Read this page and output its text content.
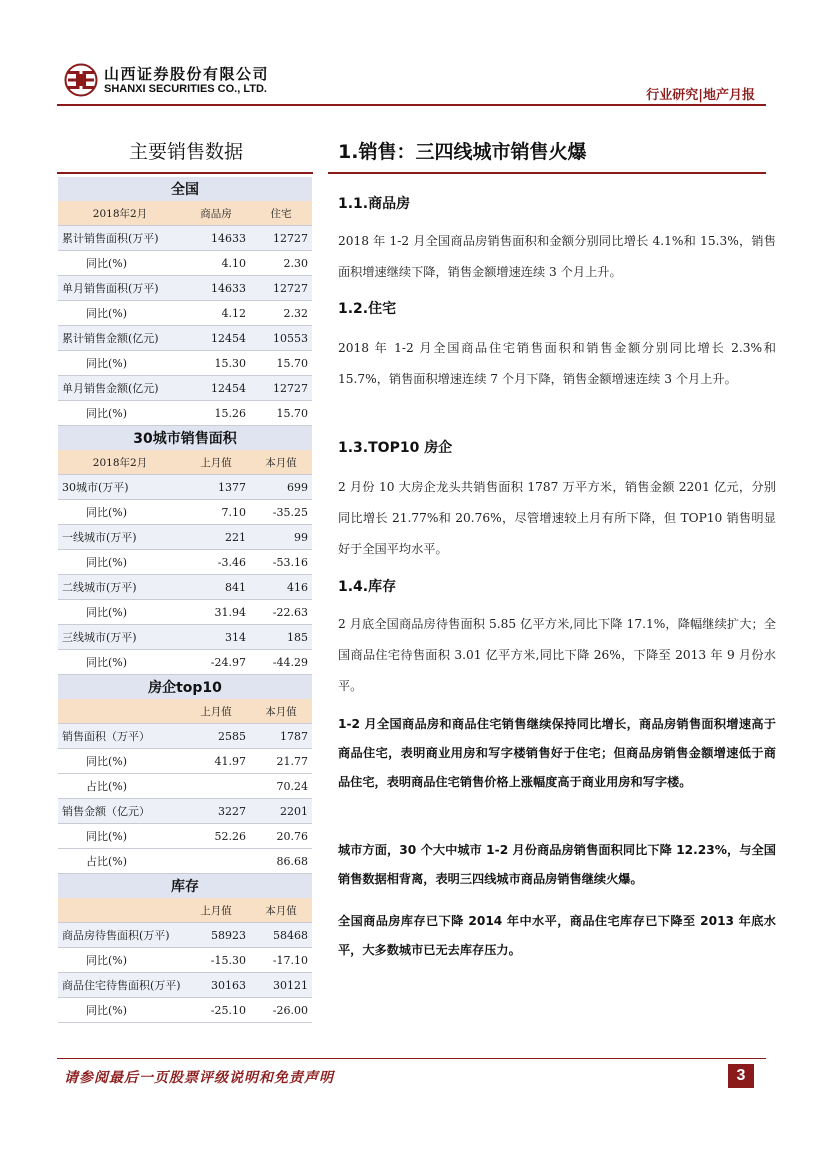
山西证券股份有限公司
SHANXI SECURITIES CO., LTD.	行业研究|地产月报
主要销售数据
全国		
2018年2月	商品房	住宅
累计销售面积(万平)	14633	12727
同比(%)	4.10	2.30
单月销售面积(万平)	14633	12727
同比(%)	4.12	2.32
累计销售金额(亿元)	12454	10553
同比(%)	15.30	15.70
单月销售金额(亿元)	12454	12727
同比(%)	15.26	15.70
30城市销售面积		
2018年2月	上月值	本月值
30城市(万平)	1377	699
同比(%)	7.10	-35.25
一线城市(万平)	221	99
同比(%)	-3.46	-53.16
二线城市(万平)	841	416
同比(%)	31.94	-22.63
三线城市(万平)	314	185
同比(%)	-24.97	-44.29
房企top10		
	上月值	本月值
销售面积（万平）	2585	1787
同比(%)	41.97	21.77
占比(%)		70.24
销售金额（亿元）	3227	2201
同比(%)	52.26	20.76
占比(%)		86.68
库存		
	上月值	本月值
商品房待售面积(万平)	58923	58468
同比(%)	-15.30	-17.10
商品住宅待售面积(万平)	30163	30121
同比(%)	-25.10	-26.00
1.销售：三四线城市销售火爆
1.1.商品房
2018 年 1-2 月全国商品房销售面积和金额分别同比增长 4.1%和 15.3%，销售面积增速继续下降，销售金额增速连续 3 个月上升。
1.2.住宅
2018 年 1-2 月全国商品住宅销售面积和销售金额分别同比增长 2.3%和 15.7%，销售面积增速连续 7 个月下降，销售金额增速连续 3 个月上升。
1.3.TOP10 房企
2 月份 10 大房企龙头共销售面积 1787 万平方米，销售金额 2201 亿元，分别同比增长 21.77%和 20.76%，尽管增速较上月有所下降，但 TOP10 销售明显好于全国平均水平。
1.4.库存
2 月底全国商品房待售面积 5.85 亿平方米,同比下降 17.1%，降幅继续扩大；全国商品住宅待售面积 3.01 亿平方米,同比下降 26%，下降至 2013 年 9 月份水平。
1-2 月全国商品房和商品住宅销售继续保持同比增长，商品房销售面积增速高于商品住宅，表明商业用房和写字楼销售好于住宅；但商品房销售金额增速低于商品住宅，表明商品住宅销售价格上涨幅度高于商业用房和写字楼。
城市方面，30 个大中城市 1-2 月份商品房销售面积同比下降 12.23%，与全国销售数据相背离，表明三四线城市商品房销售继续火爆。
全国商品房库存已下降 2014 年中水平，商品住宅库存已下降至 2013 年底水平，大多数城市已无去库存压力。
请参阅最后一页股票评级说明和免责声明	3
